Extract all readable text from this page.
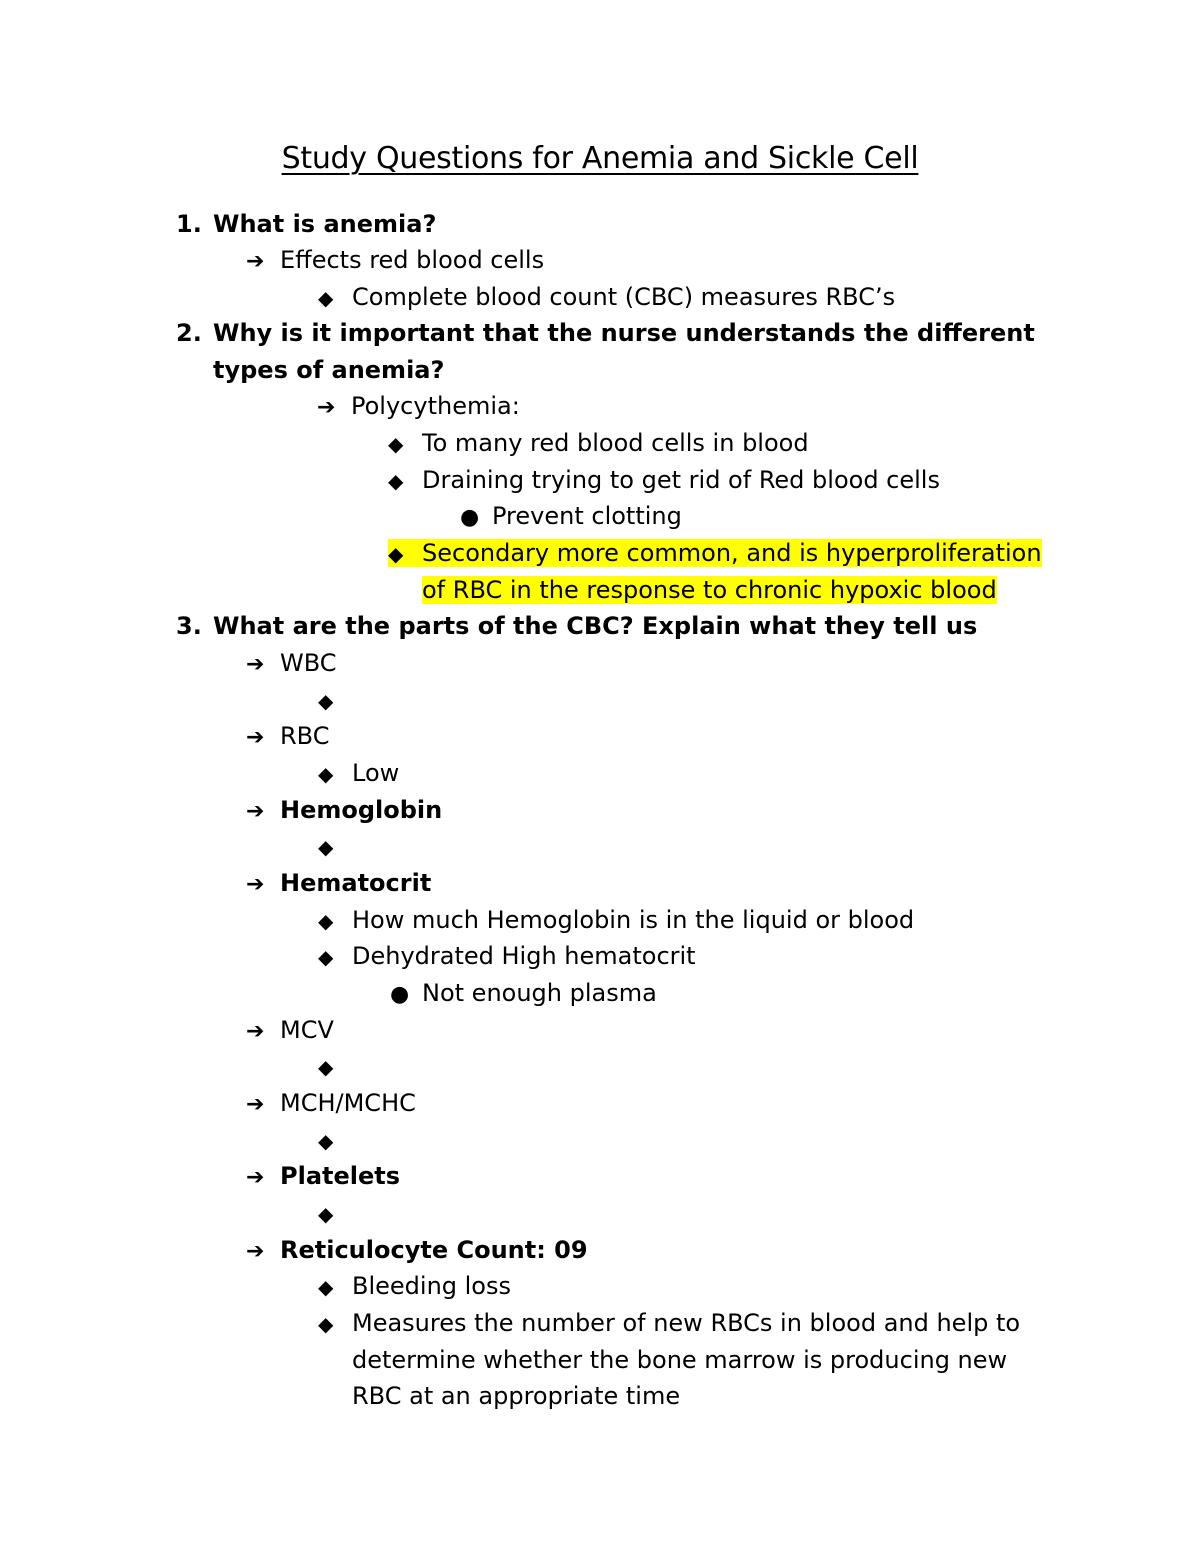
Study Questions for Anemia and Sickle Cell
1. What is anemia?
➔ Effects red blood cells
◆ Complete blood count (CBC) measures RBC’s
2. Why is it important that the nurse understands the different
types of anemia?
➔ Polycythemia:
◆ To many red blood cells in blood
◆ Draining trying to get rid of Red blood cells
● Prevent clotting
◆ Secondary more common, and is hyperproliferation
of RBC in the response to chronic hypoxic blood
3. What are the parts of the CBC? Explain what they tell us
➔ WBC
◆
➔ RBC
◆ Low
➔ Hemoglobin
◆
➔ Hematocrit
◆ How much Hemoglobin is in the liquid or blood
◆ Dehydrated High hematocrit
● Not enough plasma
➔ MCV
◆
➔ MCH/MCHC
◆
➔ Platelets
◆
➔ Reticulocyte Count: 09
◆ Bleeding loss
◆ Measures the number of new RBCs in blood and help to
determine whether the bone marrow is producing new
RBC at an appropriate time
